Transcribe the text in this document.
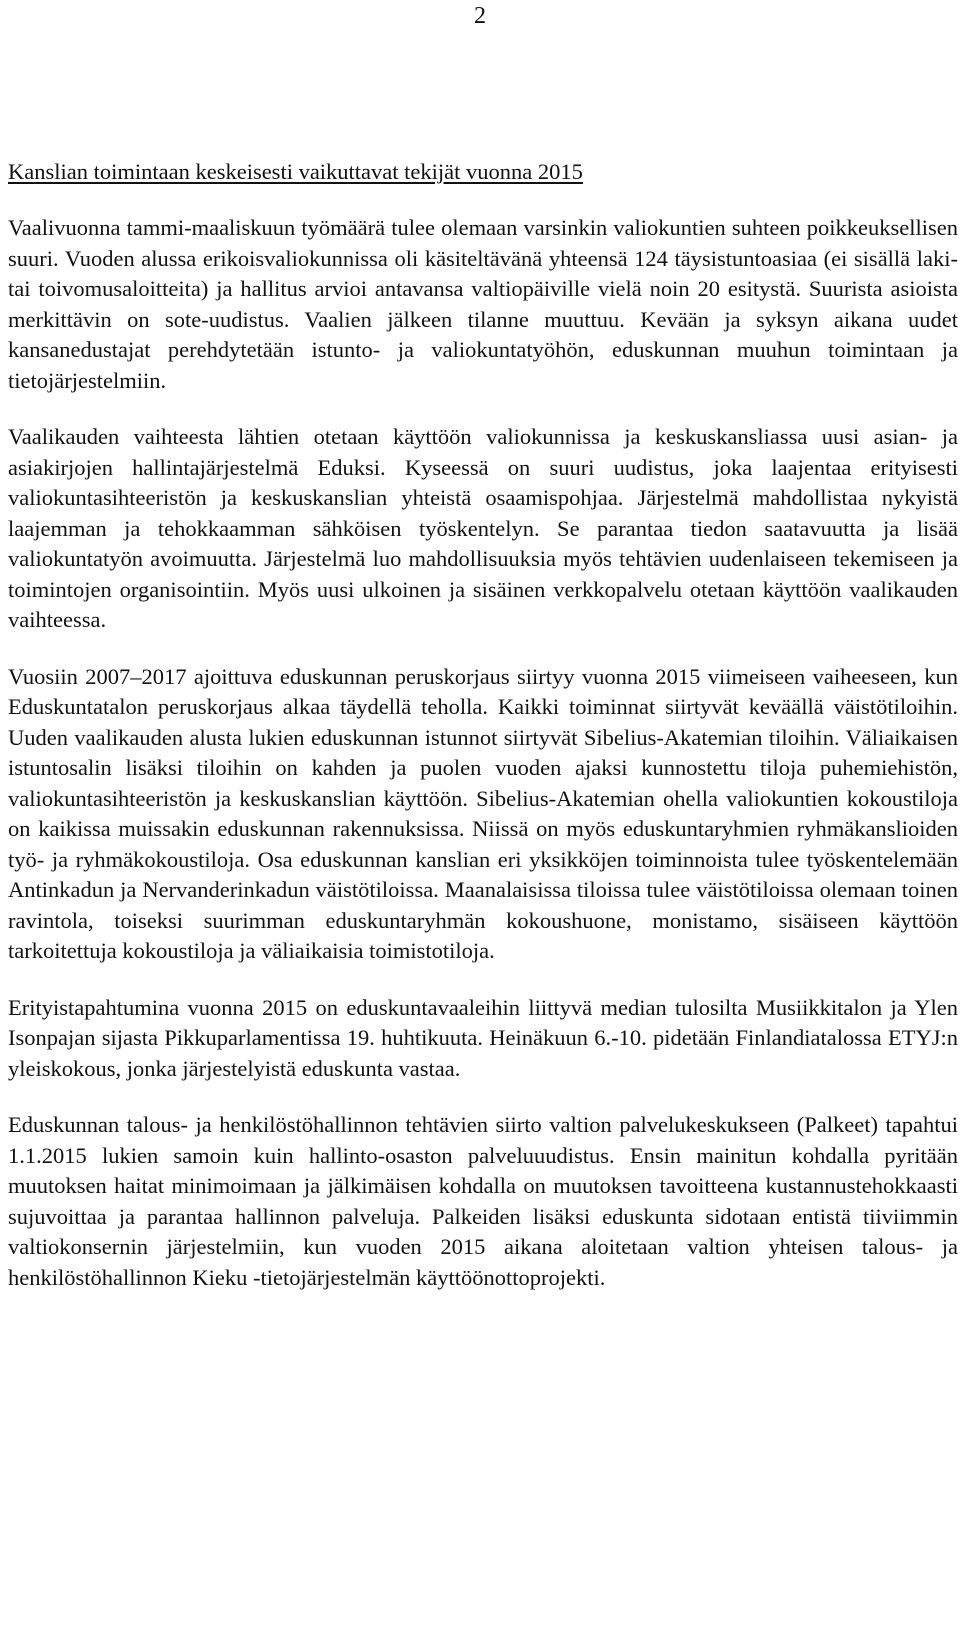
2
Kanslian toimintaan keskeisesti vaikuttavat tekijät vuonna 2015

Vaalivuonna tammi-maaliskuun työmäärä tulee olemaan varsinkin valiokuntien suhteen poikkeuksellisen suuri. Vuoden alussa erikoisvaliokunnissa oli käsiteltävänä yhteensä 124 täysistuntoasiaa (ei sisällä laki- tai toivomusaloitteita) ja hallitus arvioi antavansa valtiopäiville vielä noin 20 esitystä. Suurista asioista merkittävin on sote-uudistus. Vaalien jälkeen tilanne muuttuu. Kevään ja syksyn aikana uudet kansanedustajat perehdytetään istunto- ja valiokuntatyöhön, eduskunnan muuhun toimintaan ja tietojärjestelmiin.

Vaalikauden vaihteesta lähtien otetaan käyttöön valiokunnissa ja keskuskansliassa uusi asian- ja asiakirjojen hallintajärjestelmä Eduksi. Kyseessä on suuri uudistus, joka laajentaa erityisesti valiokuntasihteeristön ja keskuskanslian yhteistä osaamispohjaa. Järjestelmä mahdollistaa nykyistä laajemman ja tehokkaamman sähköisen työskentelyn. Se parantaa tiedon saatavuutta ja lisää valiokuntatyön avoimuutta. Järjestelmä luo mahdollisuuksia myös tehtävien uudenlaiseen tekemiseen ja toimintojen organisointiin. Myös uusi ulkoinen ja sisäinen verkkopalvelu otetaan käyttöön vaalikauden vaihteessa.

Vuosiin 2007–2017 ajoittuva eduskunnan peruskorjaus siirtyy vuonna 2015 viimeiseen vaiheeseen, kun Eduskuntatalon peruskorjaus alkaa täydellä teholla. Kaikki toiminnat siirtyvät keväällä väistötiloihin. Uuden vaalikauden alusta lukien eduskunnan istunnot siirtyvät Sibelius-Akatemian tiloihin. Väliaikaisen istuntosalin lisäksi tiloihin on kahden ja puolen vuoden ajaksi kunnostettu tiloja puhemiehistön, valiokuntasihteeristön ja keskuskanslian käyttöön. Sibelius-Akatemian ohella valiokuntien kokoustiloja on kaikissa muissakin eduskunnan rakennuksissa. Niissä on myös eduskuntaryhmien ryhmäkanslioiden työ- ja ryhmäkokoustiloja. Osa eduskunnan kanslian eri yksikköjen toiminnoista tulee työskentelemään Antinkadun ja Nervanderinkadun väistötiloissa. Maanalaisissa tiloissa tulee väistötiloissa olemaan toinen ravintola, toiseksi suurimman eduskuntaryhmän kokoushuone, monistamo, sisäiseen käyttöön tarkoitettuja kokoustiloja ja väliaikaisia toimistotiloja.

Erityistapahtumina vuonna 2015 on eduskuntavaaleihin liittyvä median tulosilta Musiikkitalon ja Ylen Isonpajan sijasta Pikkuparlamentissa 19. huhtikuuta. Heinäkuun 6.-10. pidetään Finlandiatalossa ETYJ:n yleiskokous, jonka järjestelyistä eduskunta vastaa.

Eduskunnan talous- ja henkilöstöhallinnon tehtävien siirto valtion palvelukeskukseen (Palkeet) tapahtui 1.1.2015 lukien samoin kuin hallinto-osaston palveluuudistus. Ensin mainitun kohdalla pyritään muutoksen haitat minimoimaan ja jälkimäisen kohdalla on muutoksen tavoitteena kustannustehokkaasti sujuvoittaa ja parantaa hallinnon palveluja. Palkeiden lisäksi eduskunta sidotaan entistä tiiviimmin valtiokonsernin järjestelmiin, kun vuoden 2015 aikana aloitetaan valtion yhteisen talous- ja henkilöstöhallinnon Kieku -tietojärjestelmän käyttöönottoprojekti.
